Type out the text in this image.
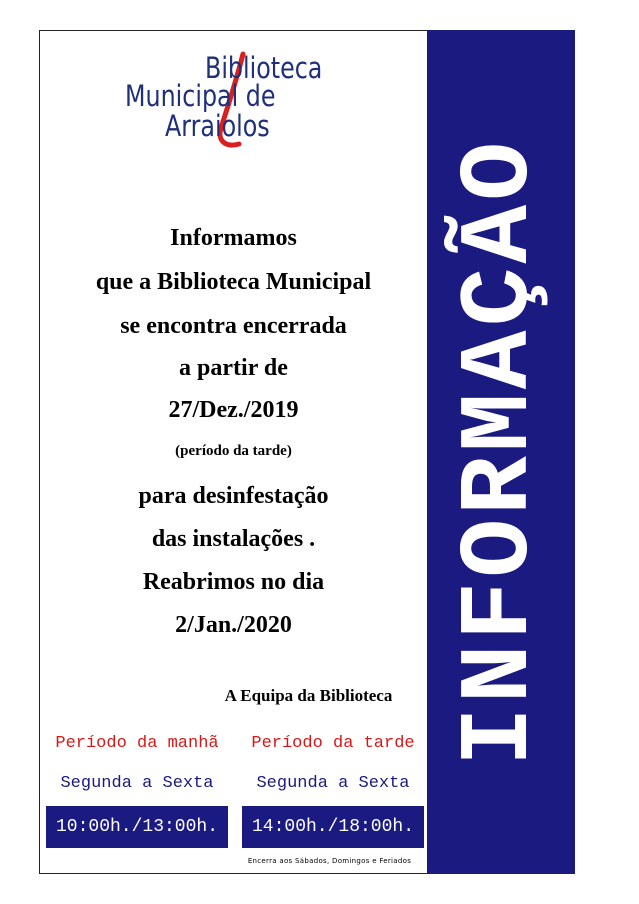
INFORMAÇÃO
Biblioteca
Municipal de
Arraiolos
Informamos
que a Biblioteca Municipal
se encontra encerrada
a partir de
27/Dez./2019
(período da tarde)
para desinfestação
das instalações .
Reabrimos no dia
2/Jan./2020
A Equipa da Biblioteca
Período da manhã
Segunda a Sexta
10:00h./13:00h.
Período da tarde
Segunda a Sexta
14:00h./18:00h.
Encerra aos Sábados, Domingos e Feriados
